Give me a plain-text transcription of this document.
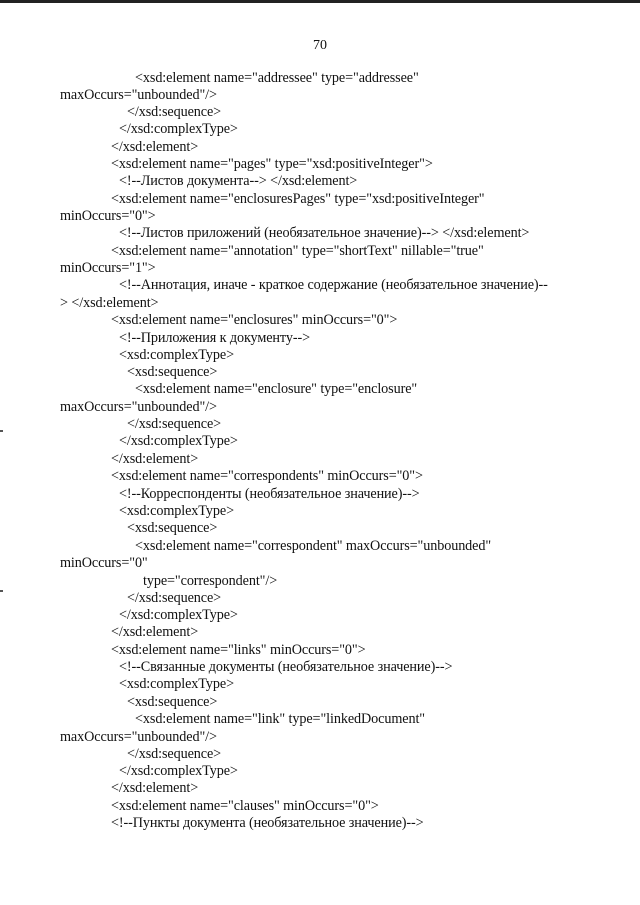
70
<xsd:element name="addressee" type="addressee"
maxOccurs="unbounded"/>
</xsd:sequence>
</xsd:complexType>
</xsd:element>
<xsd:element name="pages" type="xsd:positiveInteger">
<!--Листов документа--> </xsd:element>
<xsd:element name="enclosuresPages" type="xsd:positiveInteger"
minOccurs="0">
<!--Листов приложений (необязательное значение)--> </xsd:element>
<xsd:element name="annotation" type="shortText" nillable="true"
minOccurs="1">
<!--Аннотация, иначе - краткое содержание (необязательное значение)--
> </xsd:element>
<xsd:element name="enclosures" minOccurs="0">
<!--Приложения к документу-->
<xsd:complexType>
<xsd:sequence>
<xsd:element name="enclosure" type="enclosure"
maxOccurs="unbounded"/>
</xsd:sequence>
</xsd:complexType>
</xsd:element>
<xsd:element name="correspondents" minOccurs="0">
<!--Корреспонденты (необязательное значение)-->
<xsd:complexType>
<xsd:sequence>
<xsd:element name="correspondent" maxOccurs="unbounded"
minOccurs="0"
type="correspondent"/>
</xsd:sequence>
</xsd:complexType>
</xsd:element>
<xsd:element name="links" minOccurs="0">
<!--Связанные документы (необязательное значение)-->
<xsd:complexType>
<xsd:sequence>
<xsd:element name="link" type="linkedDocument"
maxOccurs="unbounded"/>
</xsd:sequence>
</xsd:complexType>
</xsd:element>
<xsd:element name="clauses" minOccurs="0">
<!--Пункты документа (необязательное значение)-->
